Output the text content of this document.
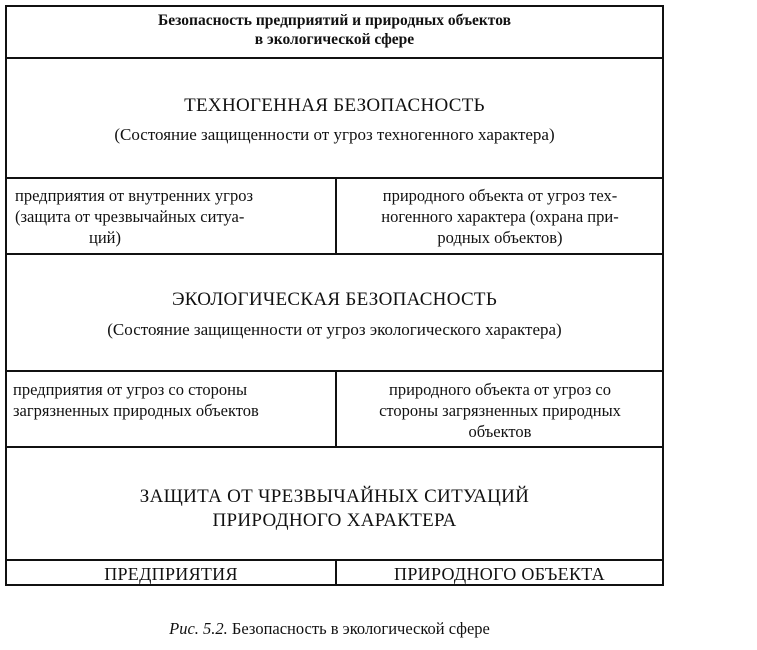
Безопасность предприятий и природных объектов
в экологической сфере
ТЕХНОГЕННАЯ БЕЗОПАСНОСТЬ
(Состояние защищенности от угроз техногенного характера)
предприятия от внутренних угроз
(защита от чрезвычайных ситуа-
ций)
природного объекта от угроз тех-
ногенного характера (охрана при-
родных объектов)
ЭКОЛОГИЧЕСКАЯ БЕЗОПАСНОСТЬ
(Состояние защищенности от угроз экологического характера)
предприятия от угроз со стороны
загрязненных природных объектов
природного объекта от угроз со
стороны загрязненных природных
объектов
ЗАЩИТА ОТ ЧРЕЗВЫЧАЙНЫХ СИТУАЦИЙ
ПРИРОДНОГО ХАРАКТЕРА
ПРЕДПРИЯТИЯ	ПРИРОДНОГО ОБЪЕКТА
Рис. 5.2. Безопасность в экологической сфере
